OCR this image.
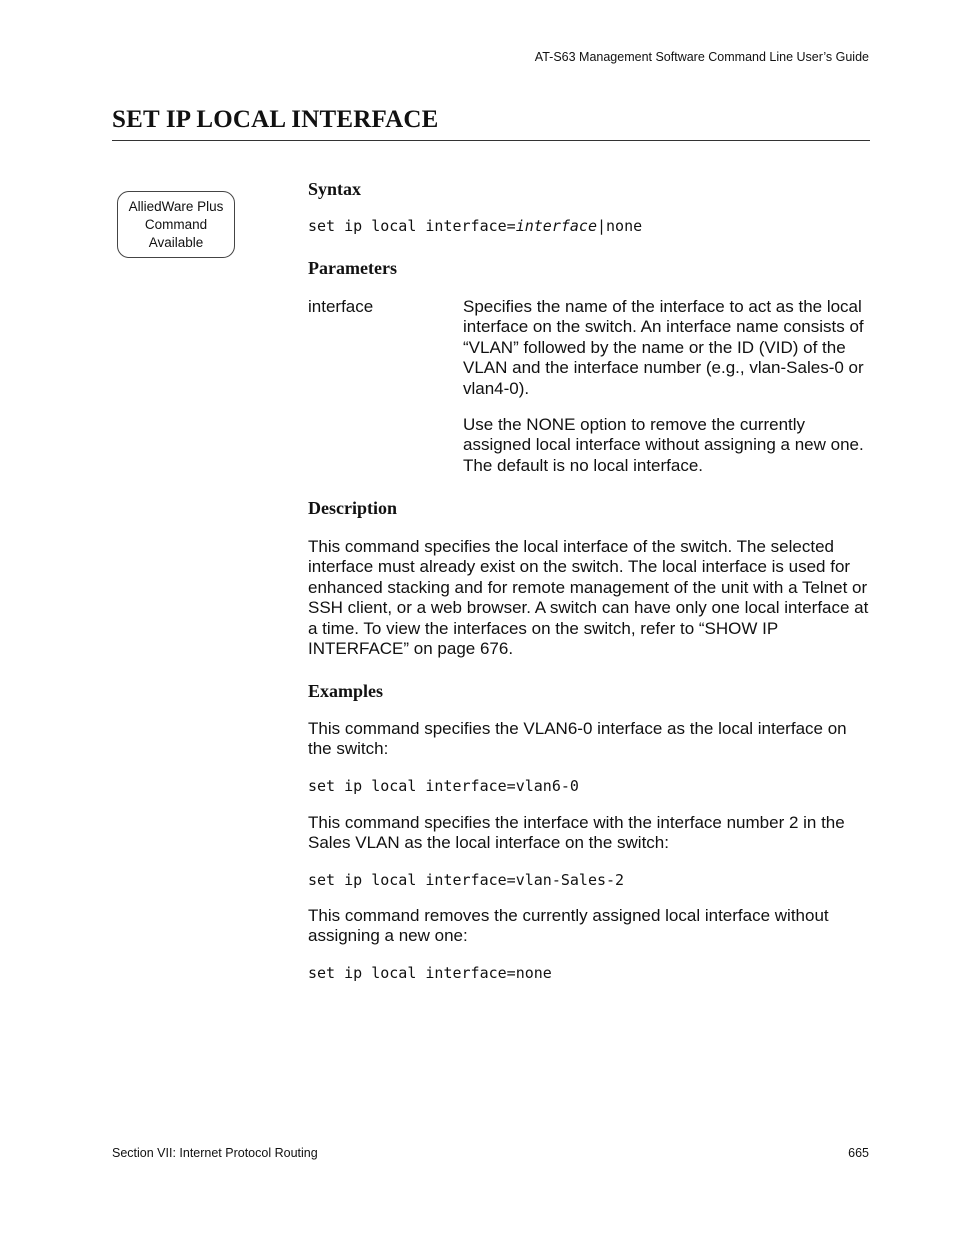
AT-S63 Management Software Command Line User’s Guide
SET IP LOCAL INTERFACE
AlliedWare Plus
Command
Available
Syntax
set ip local interface=interface|none
Parameters
interface	Specifies the name of the interface to act as the local interface on the switch. An interface name consists of “VLAN” followed by the name or the ID (VID) of the VLAN and the interface number (e.g., vlan-Sales-0 or vlan4-0).

Use the NONE option to remove the currently assigned local interface without assigning a new one. The default is no local interface.

Description

This command specifies the local interface of the switch. The selected interface must already exist on the switch. The local interface is used for enhanced stacking and for remote management of the unit with a Telnet or SSH client, or a web browser. A switch can have only one local interface at a time. To view the interfaces on the switch, refer to “SHOW IP INTERFACE” on page 676.

Examples

This command specifies the VLAN6-0 interface as the local interface on the switch:

set ip local interface=vlan6-0

This command specifies the interface with the interface number 2 in the Sales VLAN as the local interface on the switch:

set ip local interface=vlan-Sales-2

This command removes the currently assigned local interface without assigning a new one:

set ip local interface=none
Section VII: Internet Protocol Routing	665
